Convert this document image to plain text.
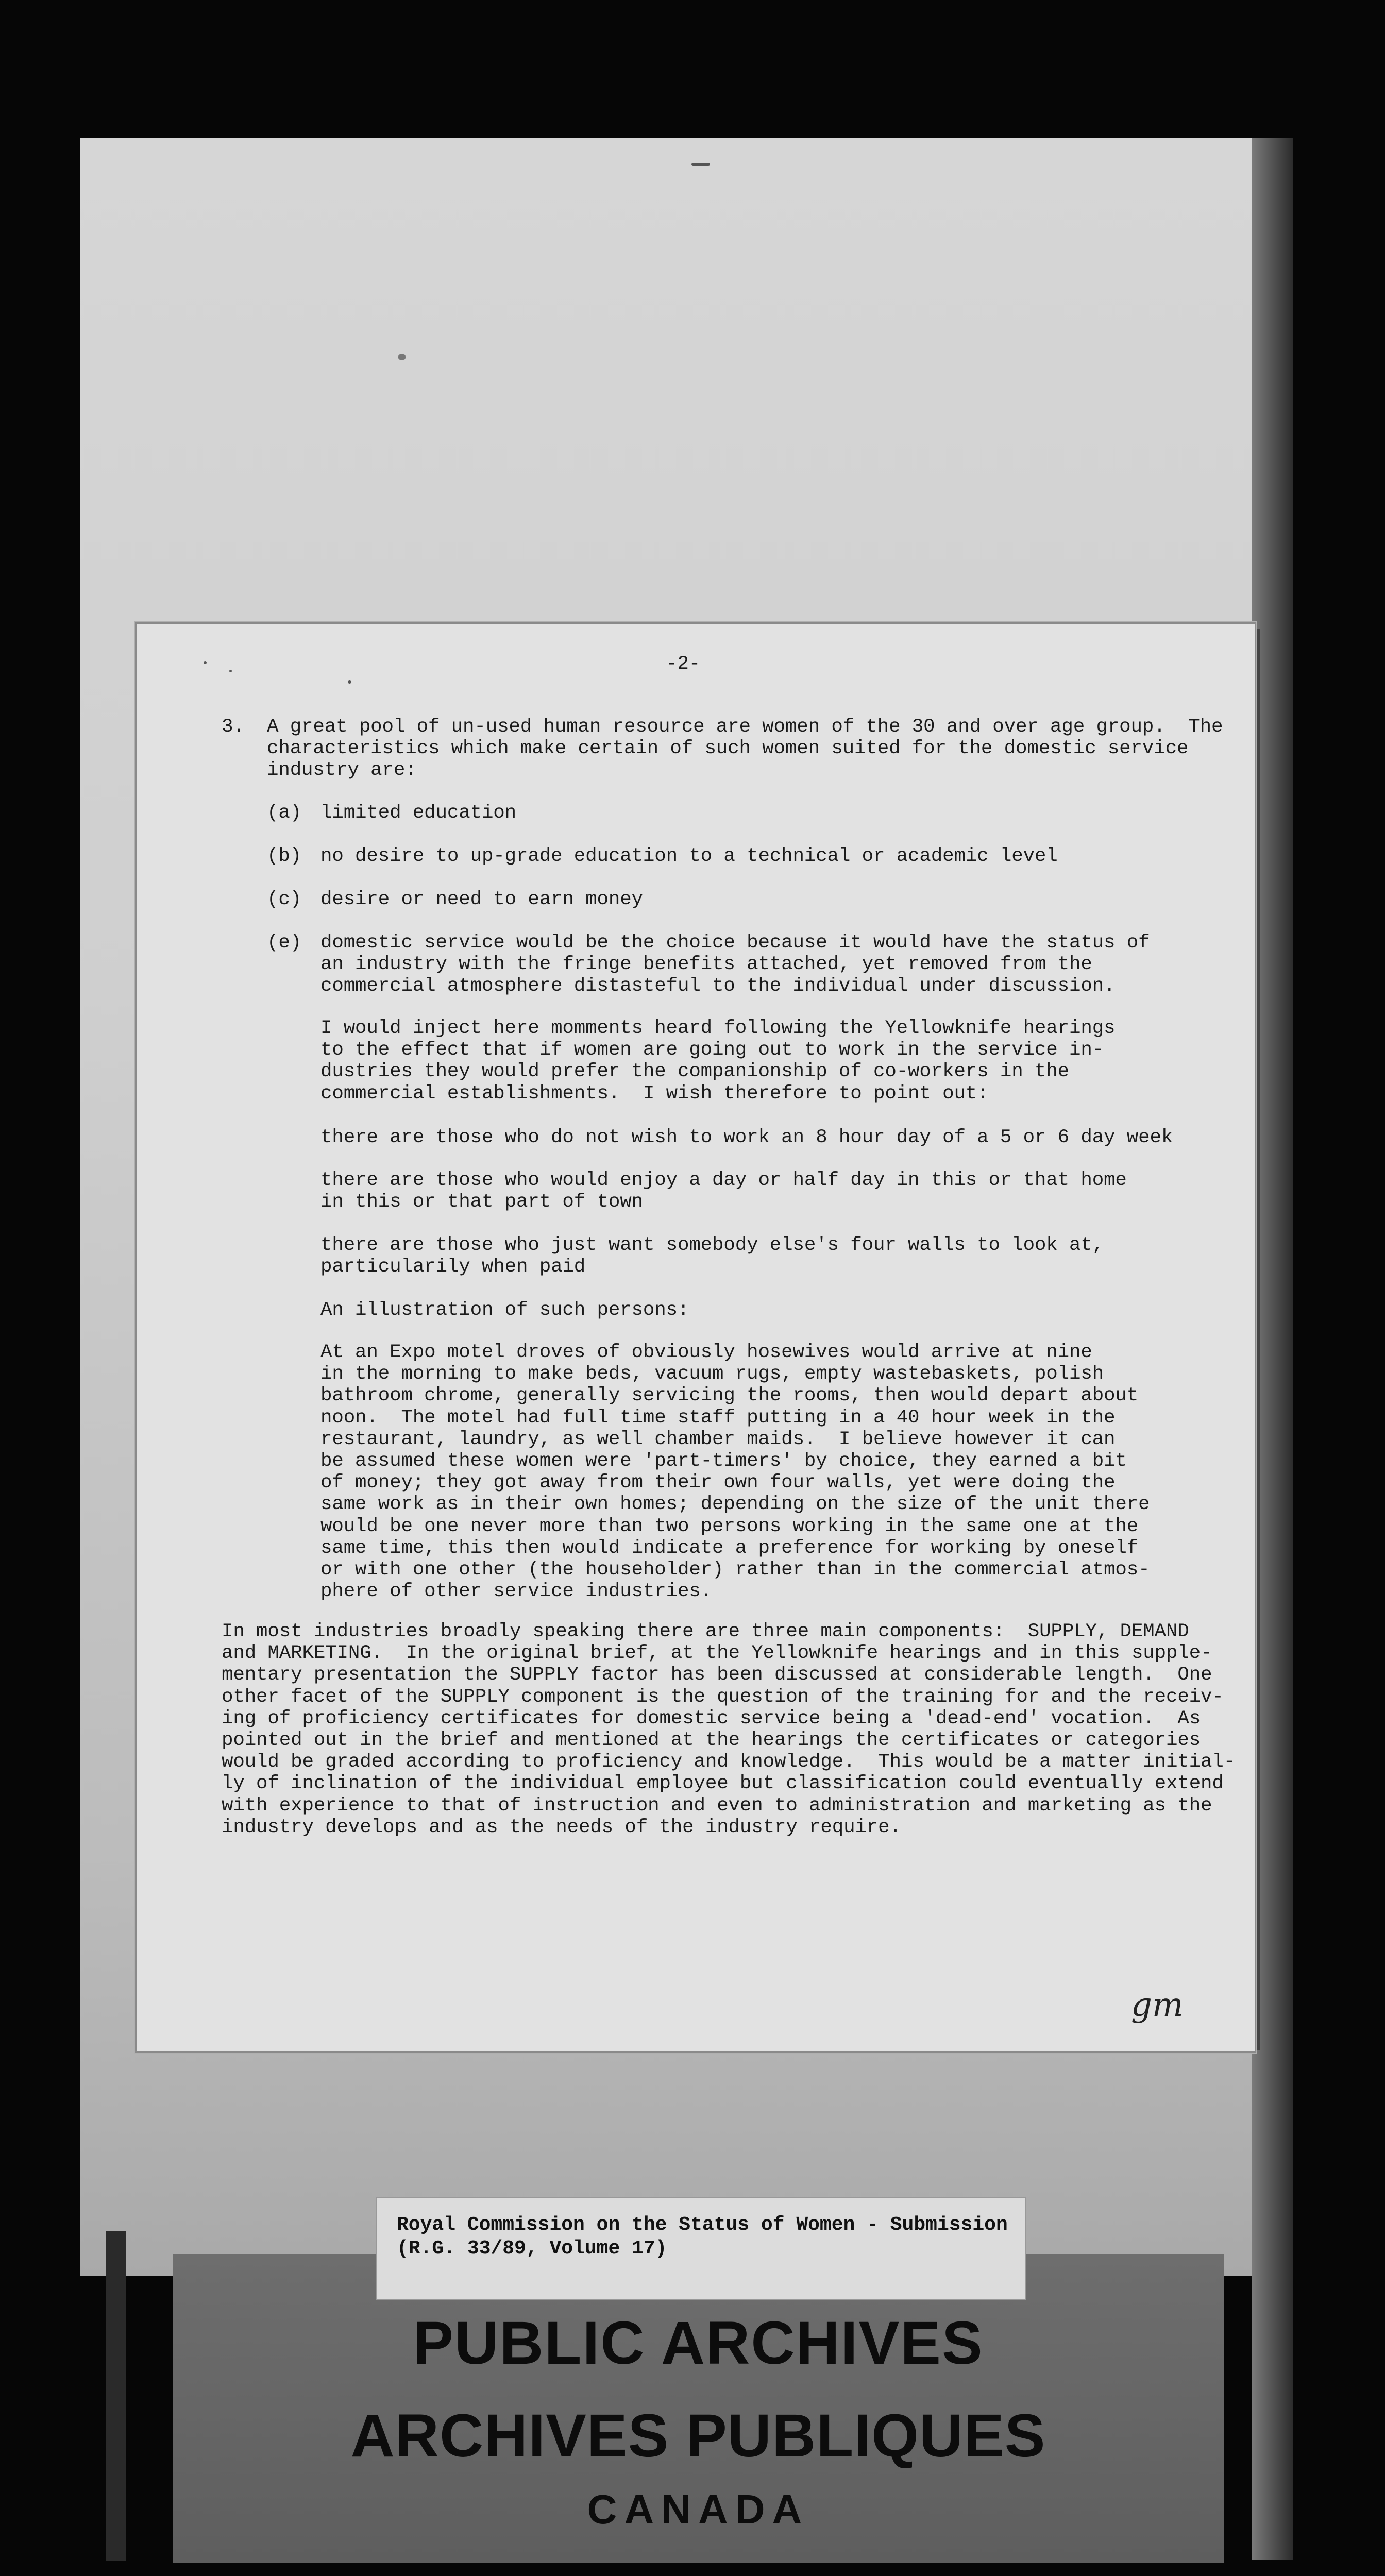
-2-
3. A great pool of un-used human resource are women of the 30 and over age group.  The
characteristics which make certain of such women suited for the domestic service
industry are:
(a) limited education
(b) no desire to up-grade education to a technical or academic level
(c) desire or need to earn money
(e) domestic service would be the choice because it would have the status of
an industry with the fringe benefits attached, yet removed from the
commercial atmosphere distasteful to the individual under discussion.
I would inject here momments heard following the Yellowknife hearings
to the effect that if women are going out to work in the service in-
dustries they would prefer the companionship of co-workers in the
commercial establishments.  I wish therefore to point out:
there are those who do not wish to work an 8 hour day of a 5 or 6 day week
there are those who would enjoy a day or half day in this or that home
in this or that part of town
there are those who just want somebody else's four walls to look at,
particularily when paid
An illustration of such persons:
At an Expo motel droves of obviously hosewives would arrive at nine
in the morning to make beds, vacuum rugs, empty wastebaskets, polish
bathroom chrome, generally servicing the rooms, then would depart about
noon.  The motel had full time staff putting in a 40 hour week in the
restaurant, laundry, as well chamber maids.  I believe however it can
be assumed these women were 'part-timers' by choice, they earned a bit
of money; they got away from their own four walls, yet were doing the
same work as in their own homes; depending on the size of the unit there
would be one never more than two persons working in the same one at the
same time, this then would indicate a preference for working by oneself
or with one other (the householder) rather than in the commercial atmos-
phere of other service industries.
In most industries broadly speaking there are three main components:  SUPPLY, DEMAND
and MARKETING.  In the original brief, at the Yellowknife hearings and in this supple-
mentary presentation the SUPPLY factor has been discussed at considerable length.  One
other facet of the SUPPLY component is the question of the training for and the receiv-
ing of proficiency certificates for domestic service being a 'dead-end' vocation.  As
pointed out in the brief and mentioned at the hearings the certificates or categories
would be graded according to proficiency and knowledge.  This would be a matter initial-
ly of inclination of the individual employee but classification could eventually extend
with experience to that of instruction and even to administration and marketing as the
industry develops and as the needs of the industry require.
gm
PUBLIC ARCHIVES
ARCHIVES PUBLIQUES
CANADA
Royal Commission on the Status of Women - Submission
(R.G. 33/89, Volume 17)
